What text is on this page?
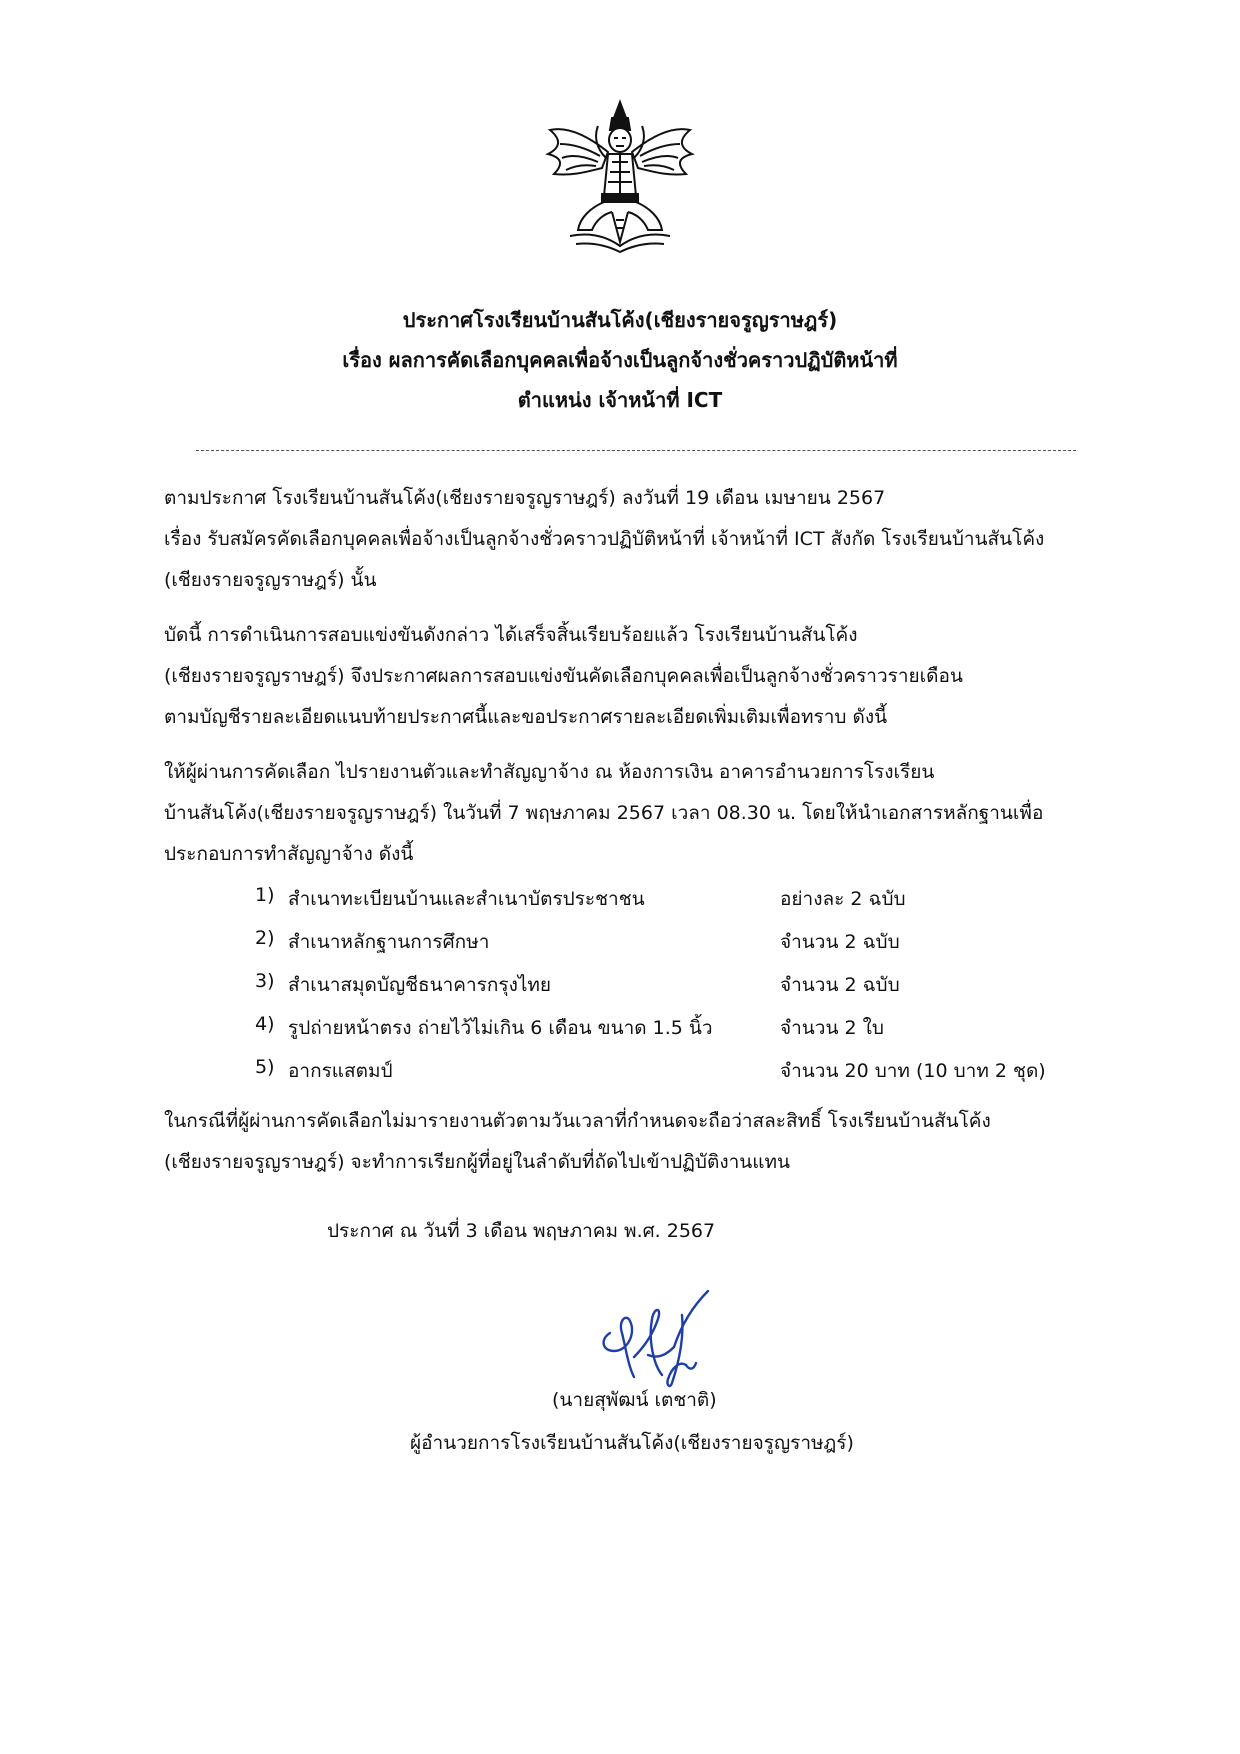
ประกาศโรงเรียนบ้านสันโค้ง(เชียงรายจรูญราษฎร์)
เรื่อง ผลการคัดเลือกบุคคลเพื่อจ้างเป็นลูกจ้างชั่วคราวปฏิบัติหน้าที่
ตำแหน่ง เจ้าหน้าที่ ICT
ตามประกาศ โรงเรียนบ้านสันโค้ง(เชียงรายจรูญราษฎร์) ลงวันที่ 19 เดือน เมษายน 2567
เรื่อง รับสมัครคัดเลือกบุคคลเพื่อจ้างเป็นลูกจ้างชั่วคราวปฏิบัติหน้าที่ เจ้าหน้าที่ ICT สังกัด โรงเรียนบ้านสันโค้ง
(เชียงรายจรูญราษฎร์) นั้น
บัดนี้ การดำเนินการสอบแข่งขันดังกล่าว ได้เสร็จสิ้นเรียบร้อยแล้ว โรงเรียนบ้านสันโค้ง
(เชียงรายจรูญราษฎร์) จึงประกาศผลการสอบแข่งขันคัดเลือกบุคคลเพื่อเป็นลูกจ้างชั่วคราวรายเดือน
ตามบัญชีรายละเอียดแนบท้ายประกาศนี้และขอประกาศรายละเอียดเพิ่มเติมเพื่อทราบ ดังนี้
ให้ผู้ผ่านการคัดเลือก ไปรายงานตัวและทำสัญญาจ้าง ณ ห้องการเงิน อาคารอำนวยการโรงเรียน
บ้านสันโค้ง(เชียงรายจรูญราษฎร์) ในวันที่ 7 พฤษภาคม 2567 เวลา 08.30 น. โดยให้นำเอกสารหลักฐานเพื่อ
ประกอบการทำสัญญาจ้าง ดังนี้
1) สำเนาทะเบียนบ้านและสำเนาบัตรประชาชน	อย่างละ 2 ฉบับ
2) สำเนาหลักฐานการศึกษา	จำนวน 2 ฉบับ
3) สำเนาสมุดบัญชีธนาคารกรุงไทย	จำนวน 2 ฉบับ
4) รูปถ่ายหน้าตรง ถ่ายไว้ไม่เกิน 6 เดือน ขนาด 1.5 นิ้ว	จำนวน 2 ใบ
5) อากรแสตมป์	จำนวน 20 บาท (10 บาท 2 ชุด)
ในกรณีที่ผู้ผ่านการคัดเลือกไม่มารายงานตัวตามวันเวลาที่กำหนดจะถือว่าสละสิทธิ์ โรงเรียนบ้านสันโค้ง
(เชียงรายจรูญราษฎร์) จะทำการเรียกผู้ที่อยู่ในลำดับที่ถัดไปเข้าปฏิบัติงานแทน
ประกาศ ณ วันที่ 3 เดือน พฤษภาคม พ.ศ. 2567
(นายสุพัฒน์ เตชาติ)
ผู้อำนวยการโรงเรียนบ้านสันโค้ง(เชียงรายจรูญราษฎร์)
